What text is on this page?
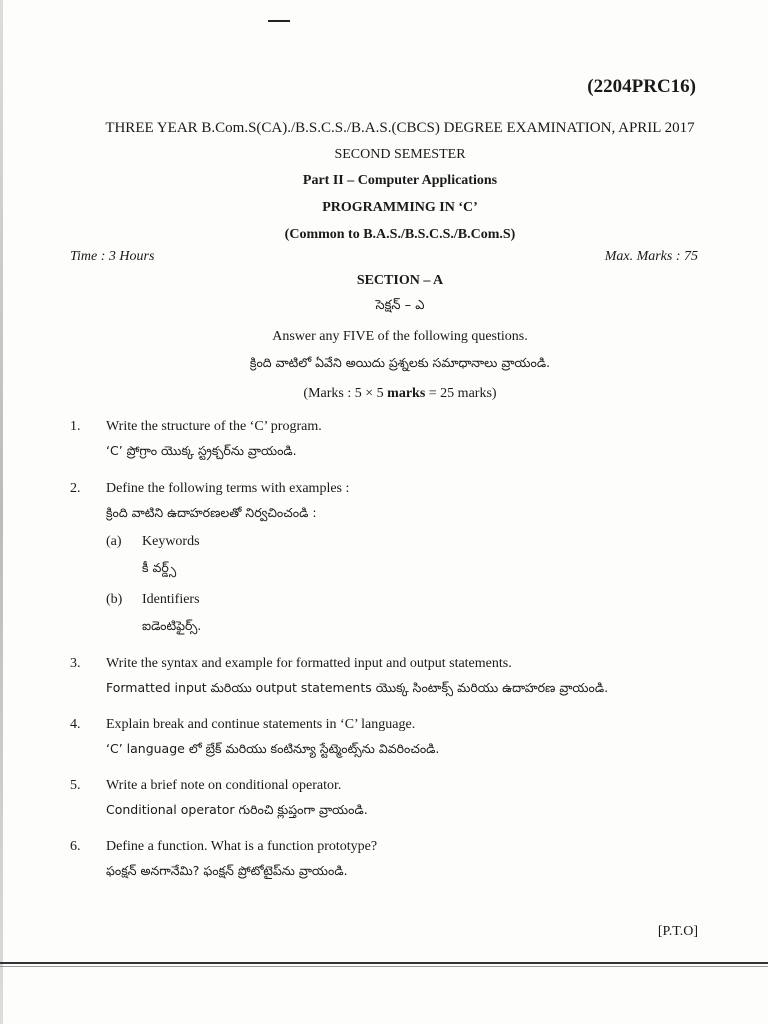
(2204PRC16)
THREE YEAR B.Com.S(CA)./B.S.C.S./B.A.S.(CBCS) DEGREE EXAMINATION, APRIL 2017
SECOND SEMESTER
Part II – Computer Applications
PROGRAMMING IN ‘C’
(Common to B.A.S./B.S.C.S./B.Com.S)
Time : 3 Hours	Max. Marks : 75
SECTION – A
సెక్షన్ – ఎ
Answer any FIVE of the following questions.
క్రింది వాటిలో ఏవేని అయిదు ప్రశ్నలకు సమాధానాలు వ్రాయండి.
(Marks : 5 × 5 marks = 25 marks)
1. Write the structure of the ‘C’ program.
‘C’ ప్రోగ్రాం యొక్క స్ట్రక్చర్‌ను వ్రాయండి.
2. Define the following terms with examples :
క్రింది వాటిని ఉదాహరణలతో నిర్వచించండి :
(a) Keywords
కీ వర్డ్స్
(b) Identifiers
ఐడెంటిఫైర్స్.
3. Write the syntax and example for formatted input and output statements.
Formatted input మరియు output statements యొక్క సింటాక్స్ మరియు ఉదాహరణ వ్రాయండి.
4. Explain break and continue statements in ‘C’ language.
‘C’ language లో బ్రేక్ మరియు కంటిన్యూ స్టేట్మెంట్స్‌ను వివరించండి.
5. Write a brief note on conditional operator.
Conditional operator గురించి క్లుప్తంగా వ్రాయండి.
6. Define a function. What is a function prototype?
ఫంక్షన్ అనగానేమి? ఫంక్షన్ ప్రోటోటైప్‌ను వ్రాయండి.
[P.T.O]
